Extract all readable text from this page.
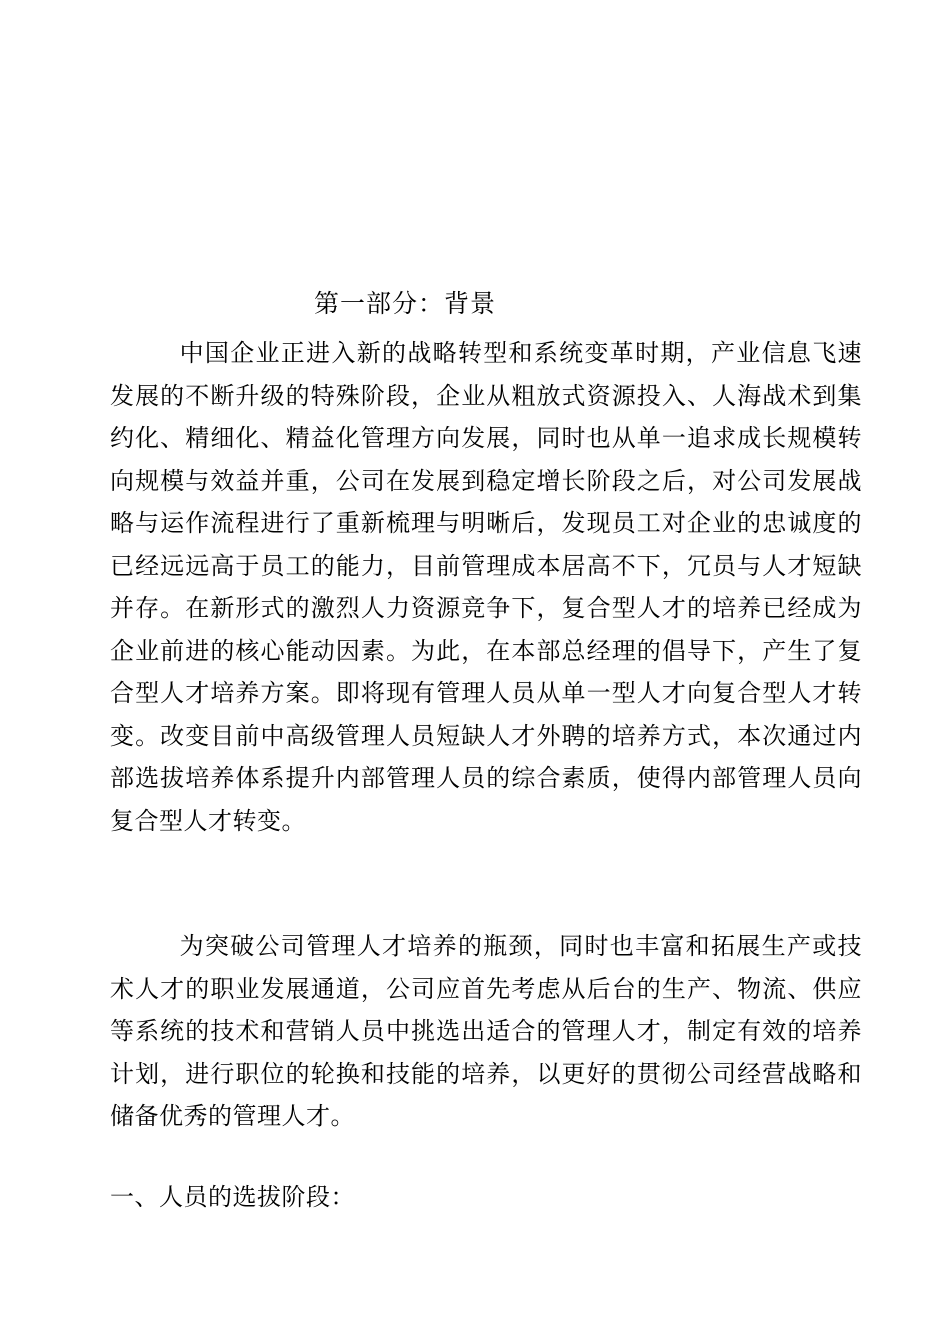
第一部分：背景

中国企业正进入新的战略转型和系统变革时期，产业信息飞速发展的不断升级的特殊阶段，企业从粗放式资源投入、人海战术到集约化、精细化、精益化管理方向发展，同时也从单一追求成长规模转向规模与效益并重，公司在发展到稳定增长阶段之后，对公司发展战略与运作流程进行了重新梳理与明晰后，发现员工对企业的忠诚度的已经远远高于员工的能力，目前管理成本居高不下，冗员与人才短缺并存。在新形式的激烈人力资源竞争下，复合型人才的培养已经成为企业前进的核心能动因素。为此，在本部总经理的倡导下，产生了复合型人才培养方案。即将现有管理人员从单一型人才向复合型人才转变。改变目前中高级管理人员短缺人才外聘的培养方式，本次通过内部选拔培养体系提升内部管理人员的综合素质，使得内部管理人员向复合型人才转变。

为突破公司管理人才培养的瓶颈，同时也丰富和拓展生产或技术人才的职业发展通道，公司应首先考虑从后台的生产、物流、供应等系统的技术和营销人员中挑选出适合的管理人才，制定有效的培养计划，进行职位的轮换和技能的培养，以更好的贯彻公司经营战略和储备优秀的管理人才。

一、人员的选拔阶段：
